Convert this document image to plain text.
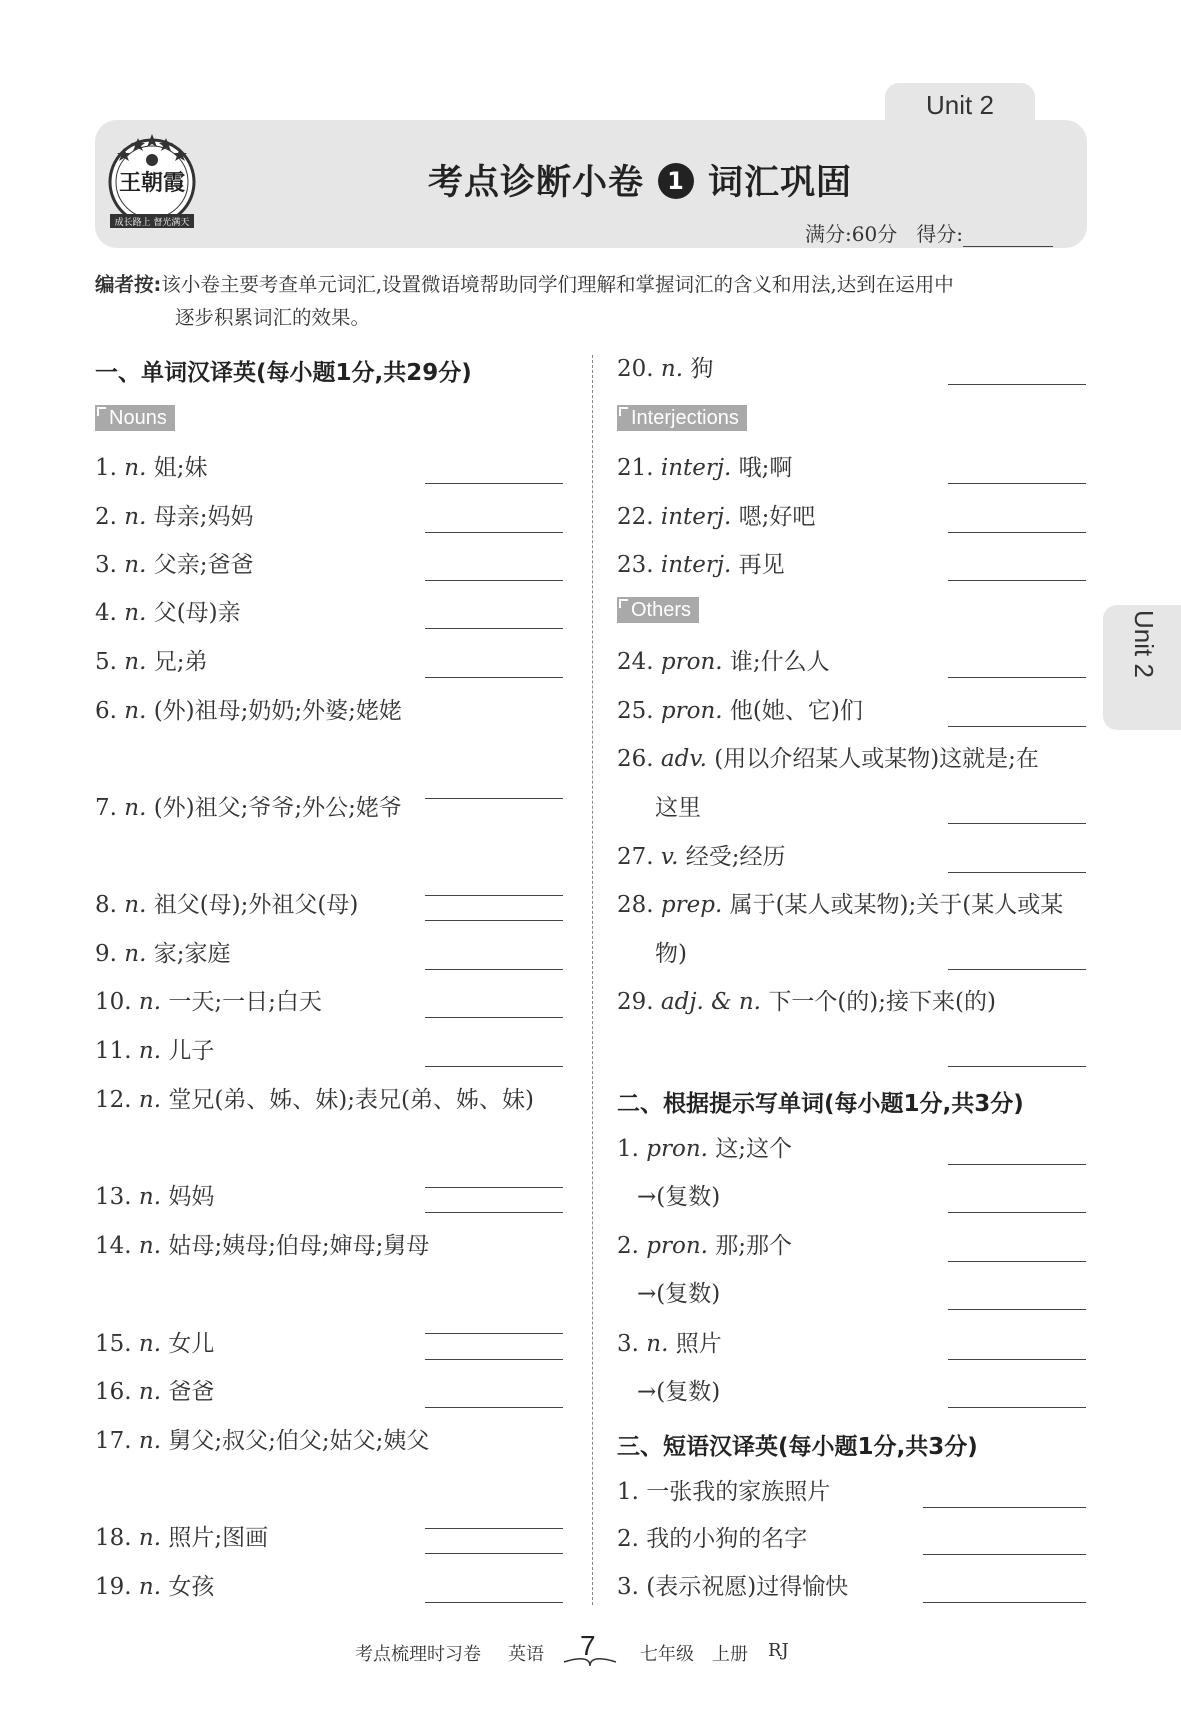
Unit 2
王朝霞
成长路上 督光满天
考点诊断小卷 1 词汇巩固
满分:60分 得分:
编者按:该小卷主要考查单元词汇,设置微语境帮助同学们理解和掌握词汇的含义和用法,达到在运用中
逐步积累词汇的效果。
Unit 2
一、单词汉译英(每小题1分,共29分)
Nouns
1. n. 姐;妹
2. n. 母亲;妈妈
3. n. 父亲;爸爸
4. n. 父(母)亲
5. n. 兄;弟
6. n. (外)祖母;奶奶;外婆;姥姥
7. n. (外)祖父;爷爷;外公;姥爷
8. n. 祖父(母);外祖父(母)
9. n. 家;家庭
10. n. 一天;一日;白天
11. n. 儿子
12. n. 堂兄(弟、姊、妹);表兄(弟、姊、妹)
13. n. 妈妈
14. n. 姑母;姨母;伯母;婶母;舅母
15. n. 女儿
16. n. 爸爸
17. n. 舅父;叔父;伯父;姑父;姨父
18. n. 照片;图画
19. n. 女孩
20. n. 狗
Interjections
21. interj. 哦;啊
22. interj. 嗯;好吧
23. interj. 再见
Others
24. pron. 谁;什么人
25. pron. 他(她、它)们
26. adv. (用以介绍某人或某物)这就是;在
这里
27. v. 经受;经历
28. prep. 属于(某人或某物);关于(某人或某
物)
29. adj. & n. 下一个(的);接下来(的)
二、根据提示写单词(每小题1分,共3分)
1. pron. 这;这个
→(复数)
2. pron. 那;那个
→(复数)
3. n. 照片
→(复数)
三、短语汉译英(每小题1分,共3分)
1. 一张我的家族照片
2. 我的小狗的名字
3. (表示祝愿)过得愉快
考点梳理时习卷 英语 7 七年级 上册 RJ
